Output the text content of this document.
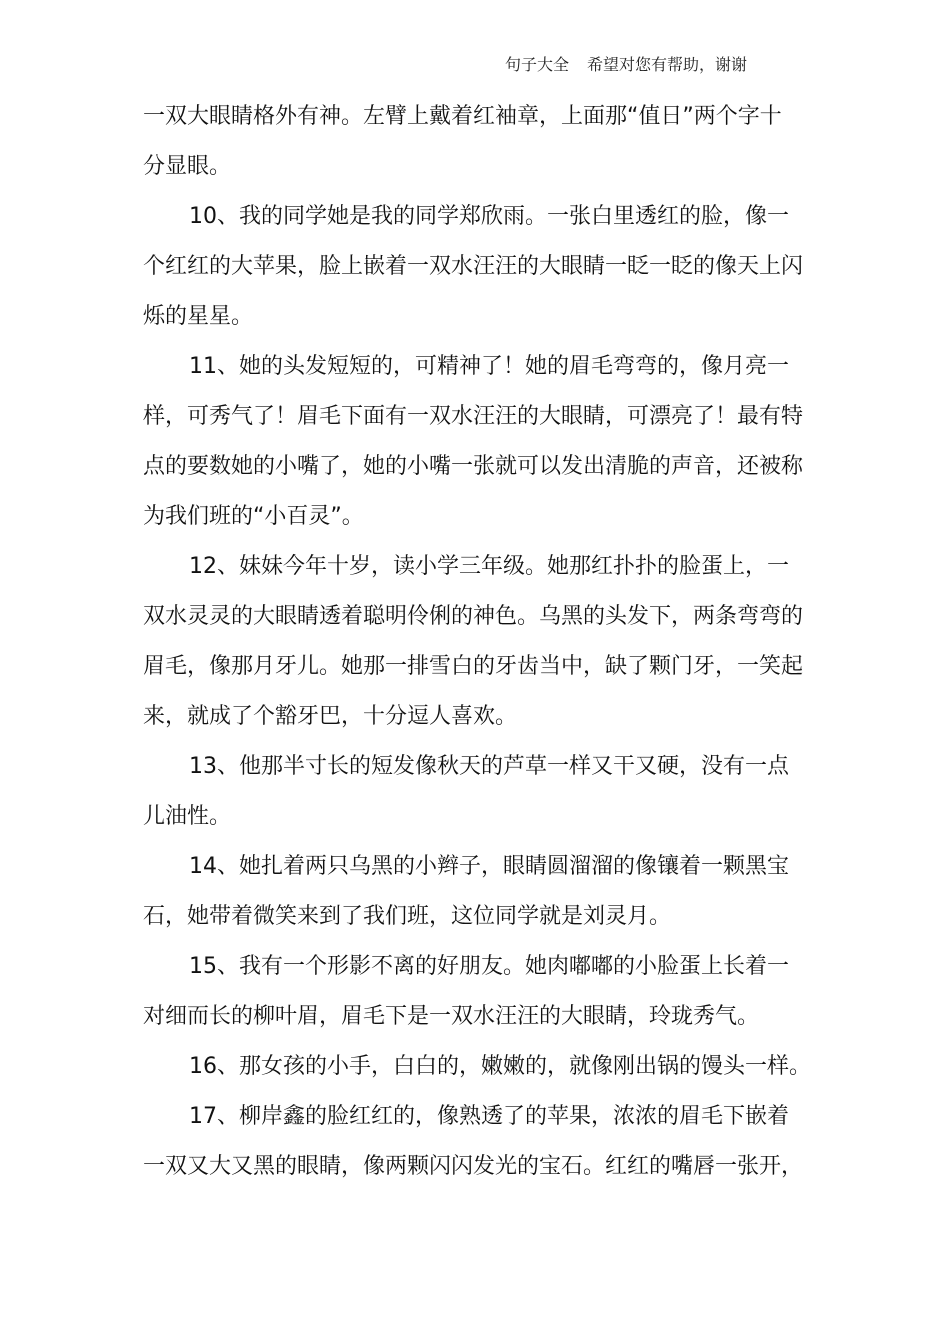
句子大全 希望对您有帮助，谢谢
一双大眼睛格外有神。左臂上戴着红袖章，上面那“值日”两个字十
分显眼。
10、我的同学她是我的同学郑欣雨。一张白里透红的脸，像一
个红红的大苹果，脸上嵌着一双水汪汪的大眼睛一眨一眨的像天上闪
烁的星星。
11、她的头发短短的，可精神了！她的眉毛弯弯的，像月亮一
样，可秀气了！眉毛下面有一双水汪汪的大眼睛，可漂亮了！最有特
点的要数她的小嘴了，她的小嘴一张就可以发出清脆的声音，还被称
为我们班的“小百灵”。
12、妹妹今年十岁，读小学三年级。她那红扑扑的脸蛋上，一
双水灵灵的大眼睛透着聪明伶俐的神色。乌黑的头发下，两条弯弯的
眉毛，像那月牙儿。她那一排雪白的牙齿当中，缺了颗门牙，一笑起
来，就成了个豁牙巴，十分逗人喜欢。
13、他那半寸长的短发像秋天的芦草一样又干又硬，没有一点
儿油性。
14、她扎着两只乌黑的小辫子，眼睛圆溜溜的像镶着一颗黑宝
石，她带着微笑来到了我们班，这位同学就是刘灵月。
15、我有一个形影不离的好朋友。她肉嘟嘟的小脸蛋上长着一
对细而长的柳叶眉，眉毛下是一双水汪汪的大眼睛，玲珑秀气。
16、那女孩的小手，白白的，嫩嫩的，就像刚出锅的馒头一样。
17、柳岸鑫的脸红红的，像熟透了的苹果，浓浓的眉毛下嵌着
一双又大又黑的眼睛，像两颗闪闪发光的宝石。红红的嘴唇一张开，
